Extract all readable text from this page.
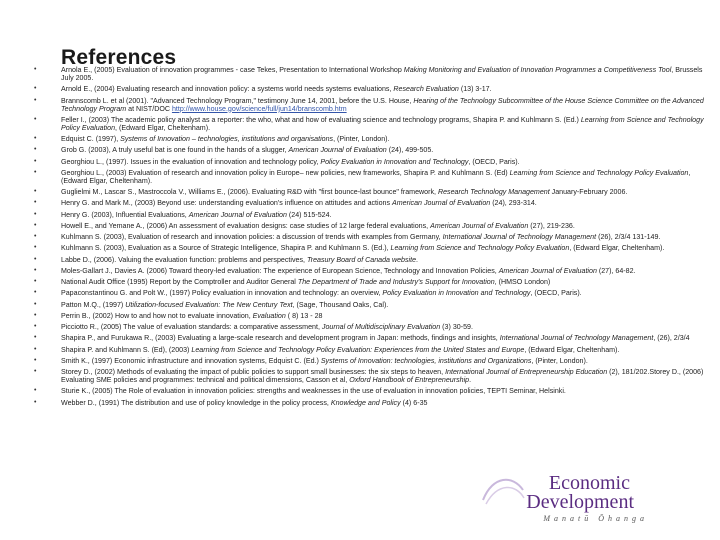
References
•	Arnola E., (2005) Evaluation of innovation programmes - case Tekes, Presentation to International Workshop Making Monitoring and Evaluation of Innovation Programmes a Competitiveness Tool, Brussels July 2005.
•	Arnold E., (2004) Evaluating research and innovation policy: a systems world needs systems evaluations, Research Evaluation (13) 3-17.
•	Brannscomb L. et al (2001). "Advanced Technology Program," testimony June 14, 2001, before the U.S. House, Hearing of the Technology Subcommittee of the House Science Committee on the Advanced Technology Program at NIST/DOC http://www.house.gov/science/full/jun14/branscomb.htm
•	Feller I., (2003) The academic policy analyst as a reporter: the who, what and how of evaluating science and technology programs, Shapira P. and Kuhlmann S. (Ed.) Learning from Science and Technology Policy Evaluation, (Edward Elgar, Cheltenham).
•	Edquist C. (1997), Systems of Innovation – technologies, institutions and organisations, (Pinter, London).
•	Grob G. (2003), A truly useful bat is one found in the hands of a slugger, American Journal of Evaluation (24), 499-505.
•	Georghiou L., (1997). Issues in the evaluation of innovation and technology policy, Policy Evaluation in Innovation and Technology, (OECD, Paris).
•	Georghiou L., (2003) Evaluation of research and innovation policy in Europe– new policies, new frameworks, Shapira P. and Kuhlmann S. (Ed) Learning from Science and Technology Policy Evaluation, (Edward Elgar, Cheltenham).
•	Guglielmi M., Lascar S., Mastroccola V., Williams E., (2006). Evaluating R&D with "first bounce-last bounce" framework, Research Technology Management January-February 2006.
•	Henry G. and Mark M., (2003) Beyond use: understanding evaluation's influence on attitudes and actions American Journal of Evaluation (24), 293-314.
•	Henry G. (2003), Influential Evaluations, American Journal of Evaluation (24) 515-524.
•	Howell E., and Yemane A., (2006) An assessment of evaluation designs: case studies of 12 large federal evaluations, American Journal of Evaluation (27), 219-236.
•	Kuhlmann S. (2003), Evaluation of research and innovation policies: a discussion of trends with examples from Germany, International Journal of Technology Management (26), 2/3/4 131-149.
•	Kuhlmann S. (2003), Evaluation as a Source of Strategic Intelligence, Shapira P. and Kuhlmann S. (Ed.), Learning from Science and Technology Policy Evaluation, (Edward Elgar, Cheltenham).
•	Labbe D., (2006). Valuing the evaluation function: problems and perspectives, Treasury Board of Canada website.
•	Moles-Gallart J., Davies A. (2006) Toward theory-led evaluation: The experience of European Science, Technology and Innovation Policies, American Journal of Evaluation (27), 64-82.
•	National Audit Office (1995) Report by the Comptroller and Auditor General The Department of Trade and Industry's Support for Innovation, (HMSO London)
•	Papaconstantinou G. and Polt W., (1997) Policy evaluation in innovation and technology: an overview, Policy Evaluation in Innovation and Technology, (OECD, Paris).
•	Patton M.Q., (1997) Utilization-focused Evaluation: The New Century Text, (Sage, Thousand Oaks, Cal).
•	Perrin B., (2002) How to and how not to evaluate innovation, Evaluation ( 8) 13 - 28
•	Picciotto R., (2005) The value of evaluation standards: a comparative assessment, Journal of Multidisciplinary Evaluation (3) 30-59.
•	Shapira P., and Furukawa R., (2003) Evaluating a large-scale research and development program in Japan: methods, findings and insights, International Journal of Technology Management, (26), 2/3/4
•	Shapira P. and Kuhlmann S. (Ed), (2003) Learning from Science and Technology Policy Evaluation: Experiences from the United States and Europe, (Edward Elgar, Cheltenham).
•	Smith K., (1997) Economic infrastructure and innovation systems, Edquist C. (Ed.) Systems of Innovation: technologies, institutions and Organizations, (Pinter, London).
•	Storey D., (2002) Methods of evaluating the impact of public policies to support small businesses: the six steps to heaven, International Journal of Entrepreneurship Education (2), 181/202.Storey D., (2006) Evaluating SME policies and programmes: technical and political dimensions, Casson et al, Oxford Handbook of Entrepreneurship.
•	Sturie K., (2005) The Role of evaluation in innovation policies: strengths and weaknesses in the use of evaluation in innovation policies, TEPTI Seminar, Helsinki.
•	Webber D., (1991) The distribution and use of policy knowledge in the policy process, Knowledge and Policy (4) 6-35
Economic
Development
Manatū Ōhanga
